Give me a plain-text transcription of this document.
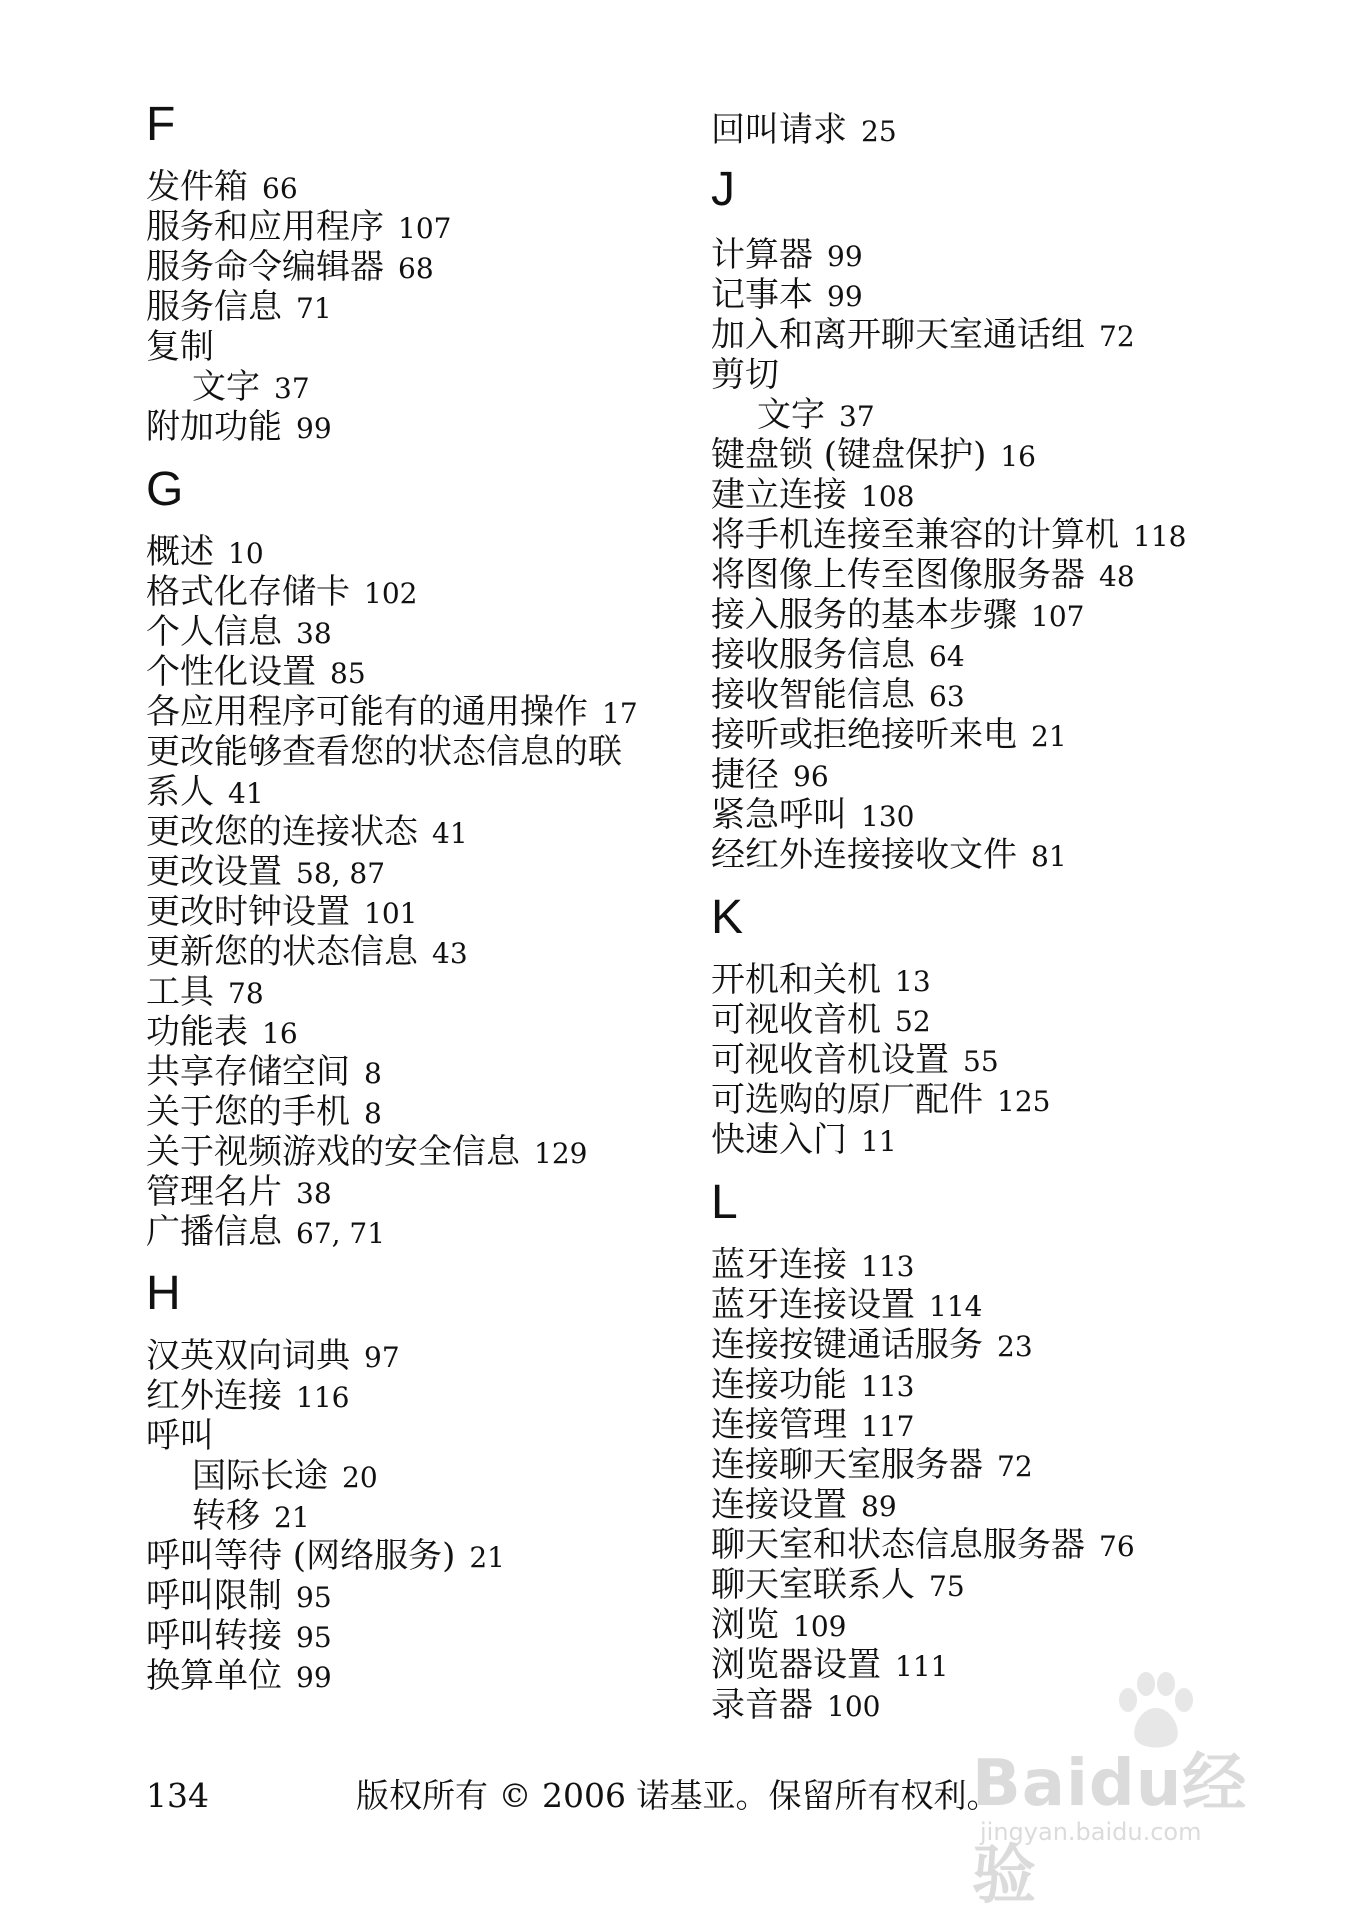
F
发件箱 66
服务和应用程序 107
服务命令编辑器 68
服务信息 71
复制
文字 37
附加功能 99
G
概述 10
格式化存储卡 102
个人信息 38
个性化设置 85
各应用程序可能有的通用操作 17
更改能够查看您的状态信息的联
系人 41
更改您的连接状态 41
更改设置 58, 87
更改时钟设置 101
更新您的状态信息 43
工具 78
功能表 16
共享存储空间 8
关于您的手机 8
关于视频游戏的安全信息 129
管理名片 38
广播信息 67, 71
H
汉英双向词典 97
红外连接 116
呼叫
国际长途 20
转移 21
呼叫等待 (网络服务) 21
呼叫限制 95
呼叫转接 95
换算单位 99
回叫请求 25
J
计算器 99
记事本 99
加入和离开聊天室通话组 72
剪切
文字 37
键盘锁 (键盘保护) 16
建立连接 108
将手机连接至兼容的计算机 118
将图像上传至图像服务器 48
接入服务的基本步骤 107
接收服务信息 64
接收智能信息 63
接听或拒绝接听来电 21
捷径 96
紧急呼叫 130
经红外连接接收文件 81
K
开机和关机 13
可视收音机 52
可视收音机设置 55
可选购的原厂配件 125
快速入门 11
L
蓝牙连接 113
蓝牙连接设置 114
连接按键通话服务 23
连接功能 113
连接管理 117
连接聊天室服务器 72
连接设置 89
聊天室和状态信息服务器 76
聊天室联系人 75
浏览 109
浏览器设置 111
录音器 100
134	版权所有 © 2006 诺基亚。保留所有权利。
Baidu经验
jingyan.baidu.com
